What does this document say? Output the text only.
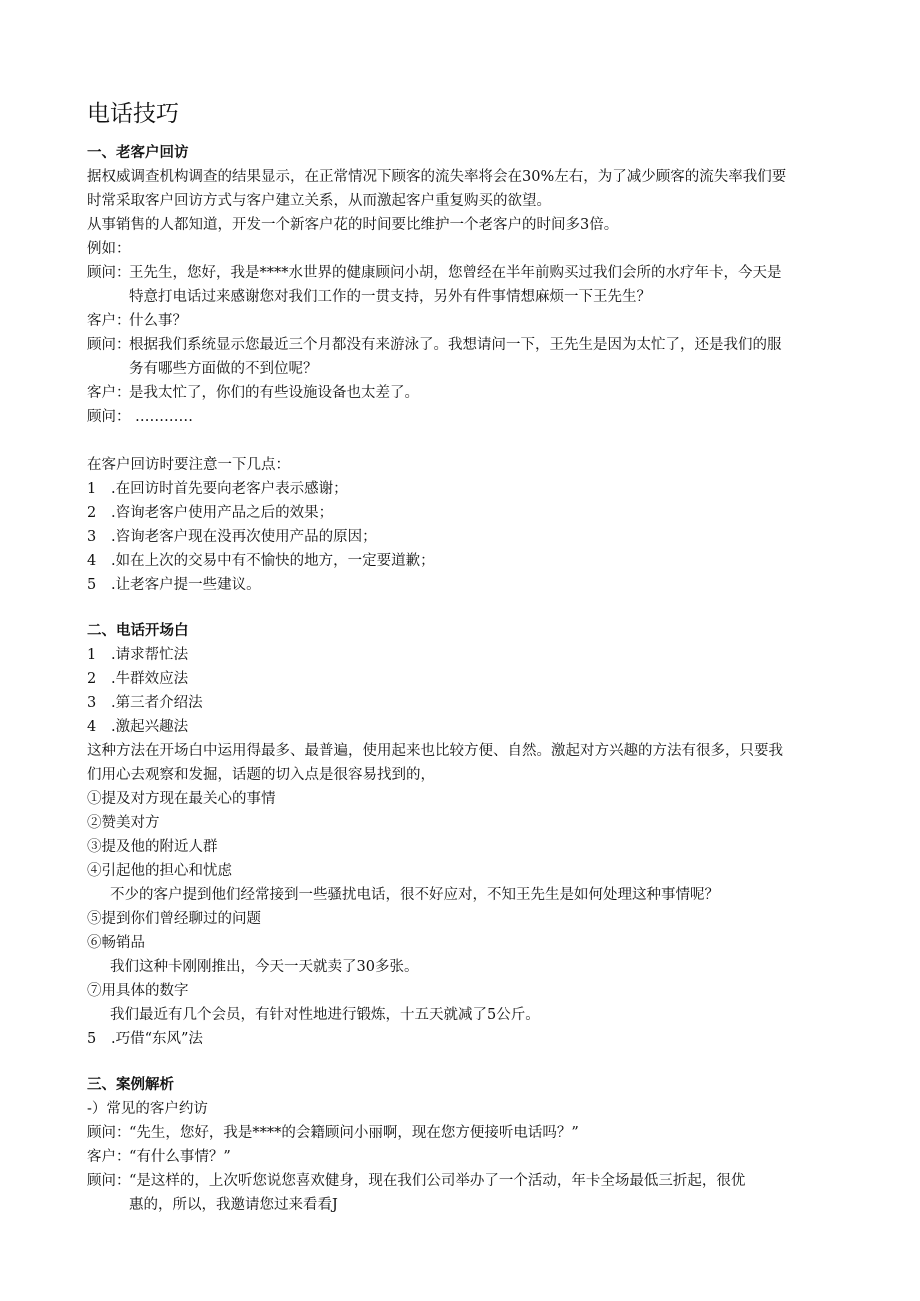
电话技巧
一、老客户回访
据权威调查机构调查的结果显示，在正常情况下顾客的流失率将会在30%左右，为了减少顾客的流失率我们要
时常采取客户回访方式与客户建立关系，从而激起客户重复购买的欲望。
从事销售的人都知道，开发一个新客户花的时间要比维护一个老客户的时间多3倍。
例如：
顾问：
王先生，您好，我是****水世界的健康顾问小胡，您曾经在半年前购买过我们会所的水疗年卡，今天是
特意打电话过来感谢您对我们工作的一贯支持，另外有件事情想麻烦一下王先生？
客户：
什么事？
顾问：
根据我们系统显示您最近三个月都没有来游泳了。我想请问一下，王先生是因为太忙了，还是我们的服
务有哪些方面做的不到位呢？
客户：
是我太忙了，你们的有些设施设备也太差了。
顾问： …………
在客户回访时要注意一下几点：
1 .在回访时首先要向老客户表示感谢；
2 .咨询老客户使用产品之后的效果；
3 .咨询老客户现在没再次使用产品的原因；
4 .如在上次的交易中有不愉快的地方，一定要道歉；
5 .让老客户提一些建议。
二、电话开场白
1 .请求帮忙法
2 .牛群效应法
3 .第三者介绍法
4 .激起兴趣法
这种方法在开场白中运用得最多、最普遍，使用起来也比较方便、自然。激起对方兴趣的方法有很多，只要我
们用心去观察和发掘，话题的切入点是很容易找到的，
①提及对方现在最关心的事情
②赞美对方
③提及他的附近人群
④引起他的担心和忧虑
不少的客户提到他们经常接到一些骚扰电话，很不好应对，不知王先生是如何处理这种事情呢？
⑤提到你们曾经聊过的问题
⑥畅销品
我们这种卡刚刚推出，今天一天就卖了30多张。
⑦用具体的数字
我们最近有几个会员，有针对性地进行锻炼，十五天就减了5公斤。
5 .巧借“东风”法
三、案例解析
-）常见的客户约访
顾问：
“先生，您好，我是****的会籍顾问小丽啊，现在您方便接听电话吗？”
客户：
“有什么事情？”
顾问：
“是这样的，上次听您说您喜欢健身，现在我们公司举办了一个活动，年卡全场最低三折起，很优
惠的，所以，我邀请您过来看看J
